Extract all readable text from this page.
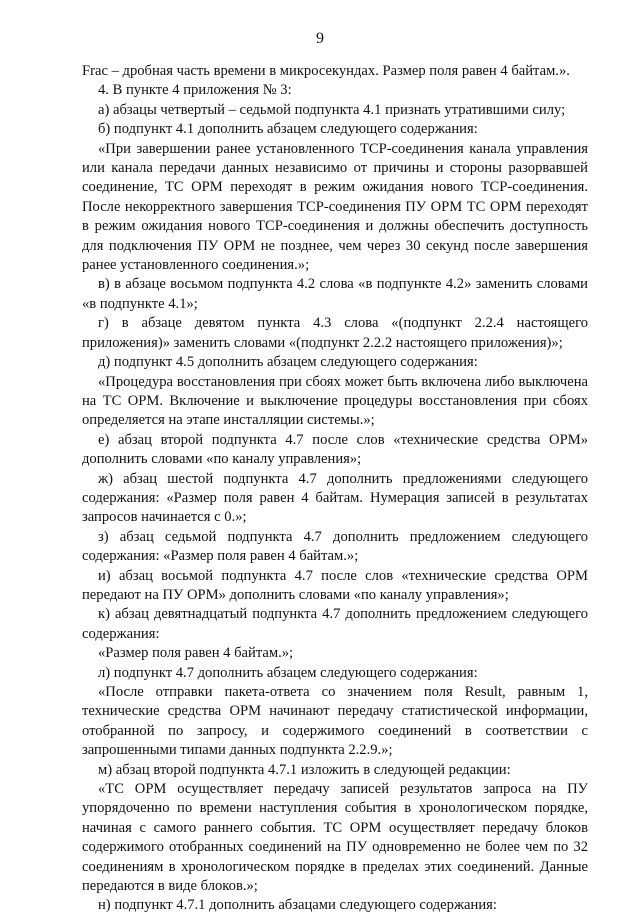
9

Frac – дробная часть времени в микросекундах. Размер поля равен 4 байтам.».

4. В пункте 4 приложения № 3:

а) абзацы четвертый – седьмой подпункта 4.1 признать утратившими силу;

б) подпункт 4.1 дополнить абзацем следующего содержания:

«При завершении ранее установленного TCP-соединения канала управления или канала передачи данных независимо от причины и стороны разорвавшей соединение, ТС ОРМ переходят в режим ожидания нового TCP-соединения. После некорректного завершения TCP-соединения ПУ ОРМ ТС ОРМ переходят в режим ожидания нового TCP-соединения и должны обеспечить доступность для подключения ПУ ОРМ не позднее, чем через 30 секунд после завершения ранее установленного соединения.»;

в) в абзаце восьмом подпункта 4.2 слова «в подпункте 4.2» заменить словами «в подпункте 4.1»;

г) в абзаце девятом пункта 4.3 слова «(подпункт 2.2.4 настоящего приложения)» заменить словами «(подпункт 2.2.2 настоящего приложения)»;

д) подпункт 4.5 дополнить абзацем следующего содержания:

«Процедура восстановления при сбоях может быть включена либо выключена на ТС ОРМ. Включение и выключение процедуры восстановления при сбоях определяется на этапе инсталляции системы.»;

е) абзац второй подпункта 4.7 после слов «технические средства ОРМ» дополнить словами «по каналу управления»;

ж) абзац шестой подпункта 4.7 дополнить предложениями следующего содержания: «Размер поля равен 4 байтам. Нумерация записей в результатах запросов начинается с 0.»;

з) абзац седьмой подпункта 4.7 дополнить предложением следующего содержания: «Размер поля равен 4 байтам.»;

и) абзац восьмой подпункта 4.7 после слов «технические средства ОРМ передают на ПУ ОРМ» дополнить словами «по каналу управления»;

к) абзац девятнадцатый подпункта 4.7 дополнить предложением следующего содержания:

«Размер поля равен 4 байтам.»;

л) подпункт 4.7 дополнить абзацем следующего содержания:

«После отправки пакета-ответа со значением поля Result, равным 1, технические средства ОРМ начинают передачу статистической информации, отобранной по запросу, и содержимого соединений в соответствии с запрошенными типами данных подпункта 2.2.9.»;

м) абзац второй подпункта 4.7.1 изложить в следующей редакции:

«ТС ОРМ осуществляет передачу записей результатов запроса на ПУ упорядоченно по времени наступления события в хронологическом порядке, начиная с самого раннего события. ТС ОРМ осуществляет передачу блоков содержимого отобранных соединений на ПУ одновременно не более чем по 32 соединениям в хронологическом порядке в пределах этих соединений. Данные передаются в виде блоков.»;

н) подпункт 4.7.1 дополнить абзацами следующего содержания:
